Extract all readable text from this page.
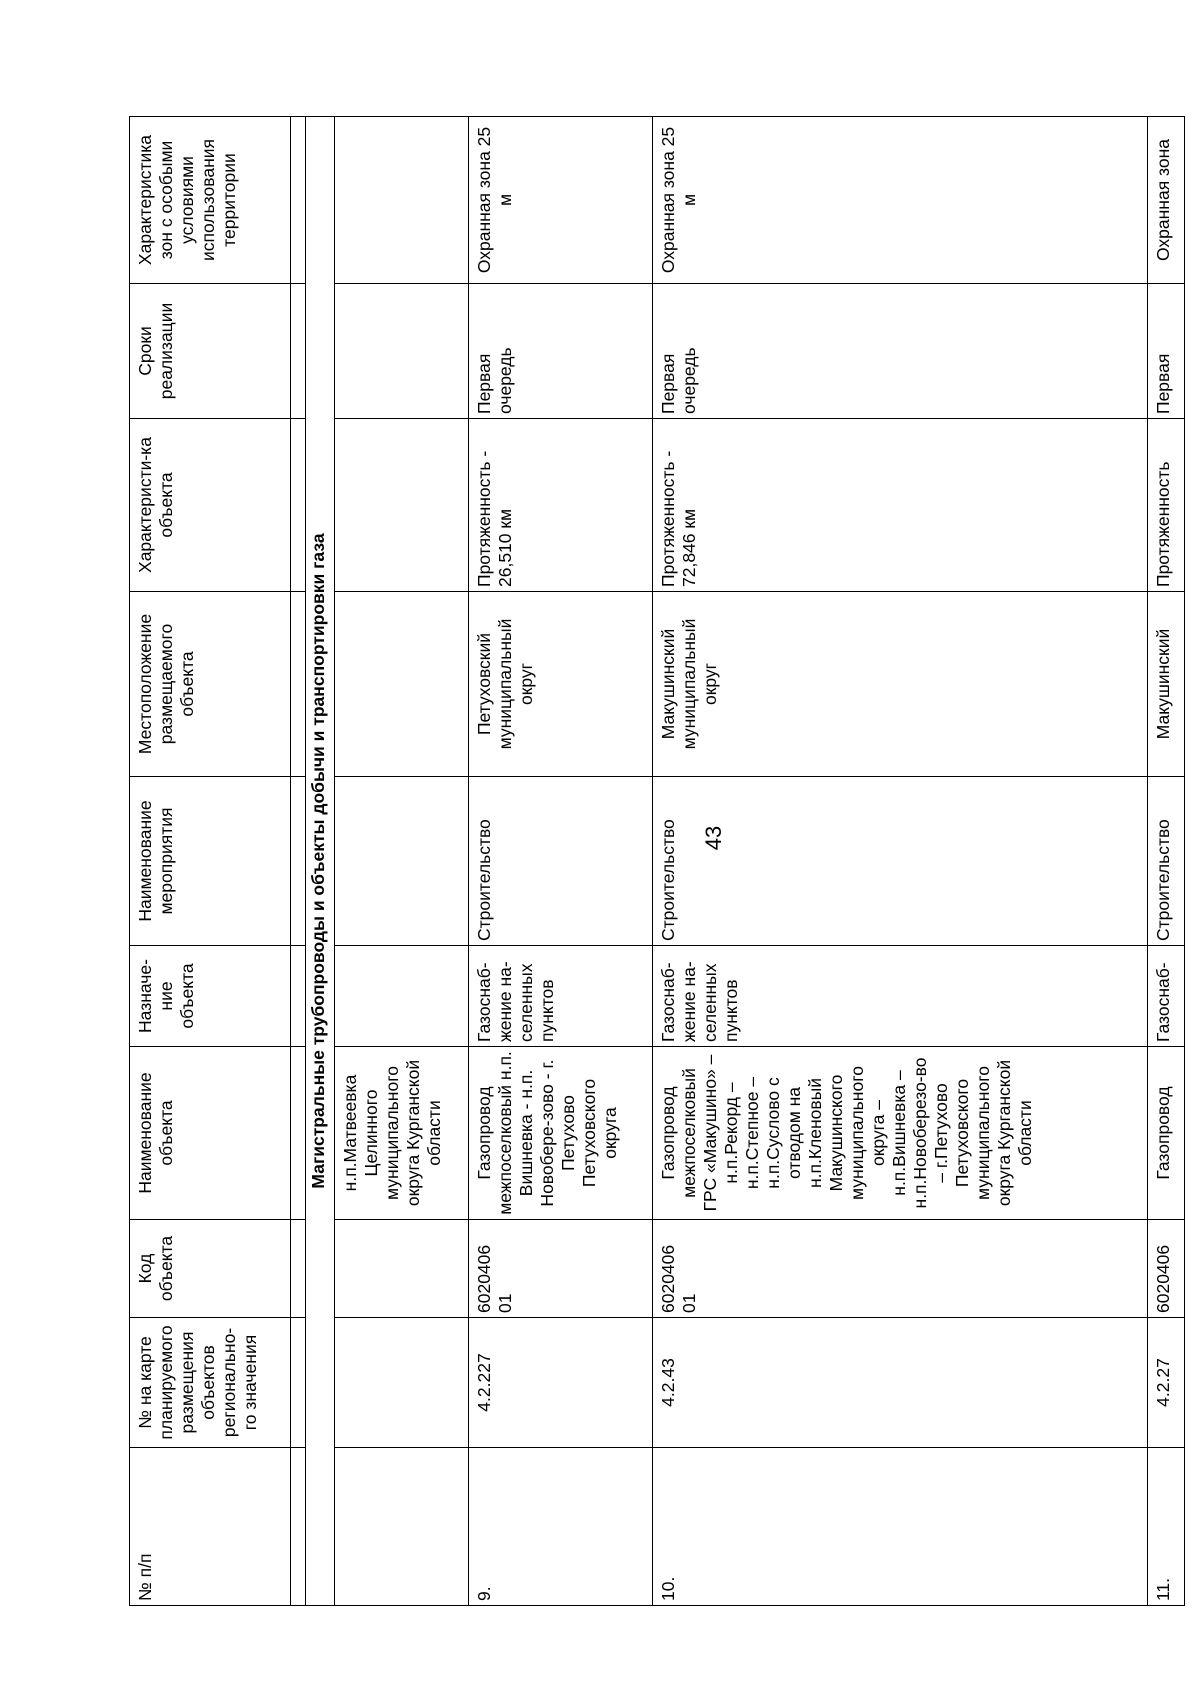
43
№ п/п	№ на карте планируемого размещения объектов регионально-го значения	Код объекта	Наименование объекта	Назначе-ние объекта	Наименование мероприятия	Местоположение размещаемого объекта	Характеристи-ка объекта	Сроки реализации	Характеристика зон с особыми условиями использования территории

Магистральные трубопроводы и объекты добычи и транспортировки газа									
			н.п.Матвеевка Целинного муниципального округа Курганской области						
9.	4.2.227	6020406 01	Газопровод межпоселковый н.п. Вишневка - н.п. Новобере-зово - г. Петухово Петуховского округа	Газоснаб-жение на-селенных пунктов	Строительство	Петуховский муниципальный округ	Протяженность - 26,510 км	Первая очередь	Охранная зона 25 м
10.	4.2.43	6020406 01	Газопровод межпоселковый ГРС «Макушино» – н.п.Рекорд – н.п.Степное – н.п.Суслово с отводом на н.п.Кленовый Макушинского муниципального округа – н.п.Вишневка – н.п.Новоберезо-во – г.Петухово Петуховского муниципального округа Курганской области	Газоснаб-жение на-селенных пунктов	Строительство	Макушинский муниципальный округ	Протяженность - 72,846 км	Первая очередь	Охранная зона 25 м
11.	4.2.27	6020406	Газопровод	Газоснаб-	Строительство	Макушинский	Протяженность	Первая	Охранная зона
